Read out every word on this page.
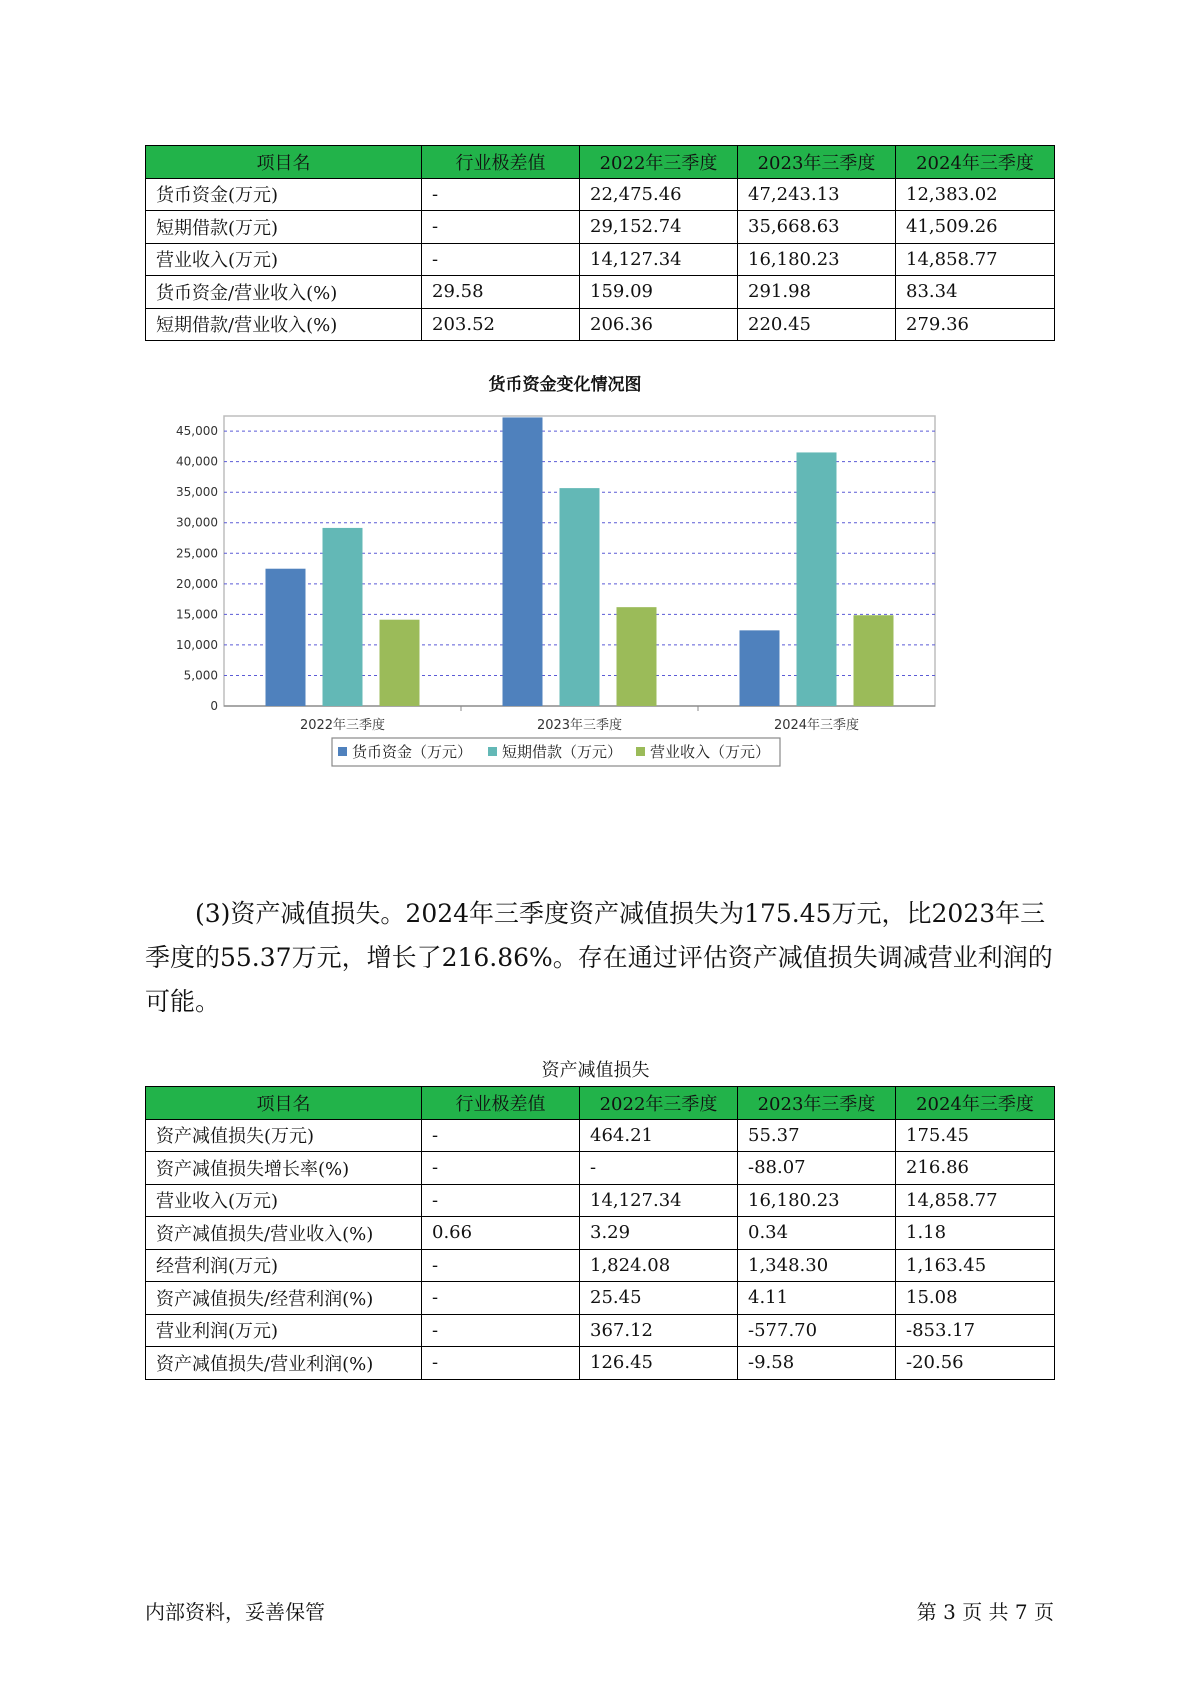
项目名	行业极差值	2022年三季度	2023年三季度	2024年三季度
货币资金(万元)	-	22,475.46	47,243.13	12,383.02
短期借款(万元)	-	29,152.74	35,668.63	41,509.26
营业收入(万元)	-	14,127.34	16,180.23	14,858.77
货币资金/营业收入(%)	29.58	159.09	291.98	83.34
短期借款/营业收入(%)	203.52	206.36	220.45	279.36
货币资金变化情况图
0
5,000
10,000
15,000
20,000
25,000
30,000
35,000
40,000
45,000
2022年三季度	2023年三季度	2024年三季度
货币资金（万元） 短期借款（万元） 营业收入（万元）

(3)资产减值损失。2024年三季度资产减值损失为175.45万元，比2023年三季度的55.37万元，增长了216.86%。存在通过评估资产减值损失调减营业利润的可能。

资产减值损失
项目名	行业极差值	2022年三季度	2023年三季度	2024年三季度
资产减值损失(万元)	-	464.21	55.37	175.45
资产减值损失增长率(%)	-	-	-88.07	216.86
营业收入(万元)	-	14,127.34	16,180.23	14,858.77
资产减值损失/营业收入(%)	0.66	3.29	0.34	1.18
经营利润(万元)	-	1,824.08	1,348.30	1,163.45
资产减值损失/经营利润(%)	-	25.45	4.11	15.08
营业利润(万元)	-	367.12	-577.70	-853.17
资产减值损失/营业利润(%)	-	126.45	-9.58	-20.56
内部资料，妥善保管	第 3 页 共 7 页
